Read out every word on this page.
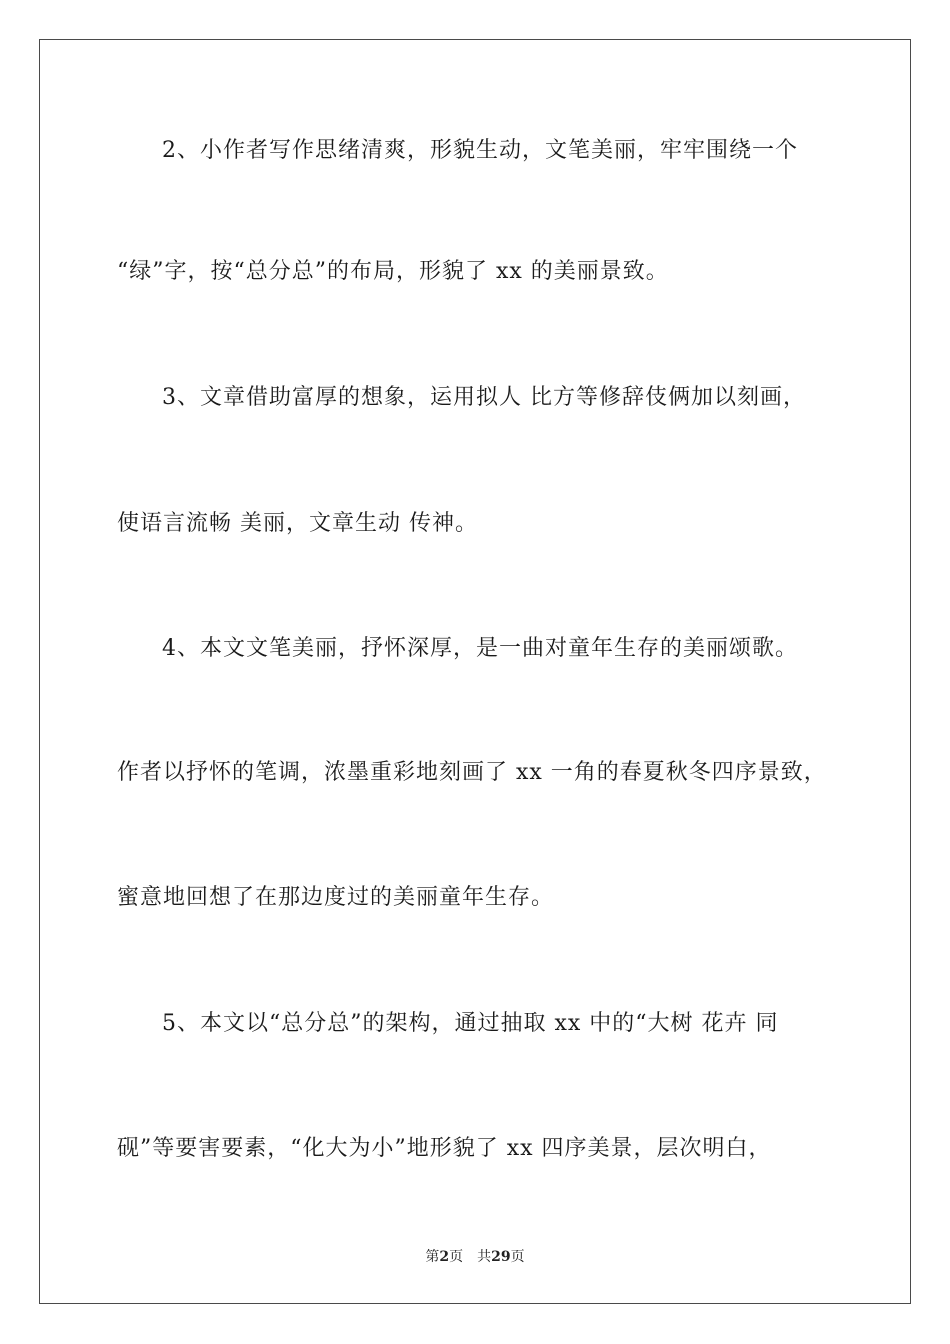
2、小作者写作思绪清爽，形貌生动，文笔美丽，牢牢围绕一个
“绿”字，按“总分总”的布局，形貌了 xx 的美丽景致。
3、文章借助富厚的想象，运用拟人 比方等修辞伎俩加以刻画，
使语言流畅 美丽，文章生动 传神。
4、本文文笔美丽，抒怀深厚，是一曲对童年生存的美丽颂歌。
作者以抒怀的笔调，浓墨重彩地刻画了 xx 一角的春夏秋冬四序景致，
蜜意地回想了在那边度过的美丽童年生存。
5、本文以“总分总”的架构，通过抽取 xx 中的“大树 花卉 同
砚”等要害要素，“化大为小”地形貌了 xx 四序美景，层次明白，
第2页 共29页
